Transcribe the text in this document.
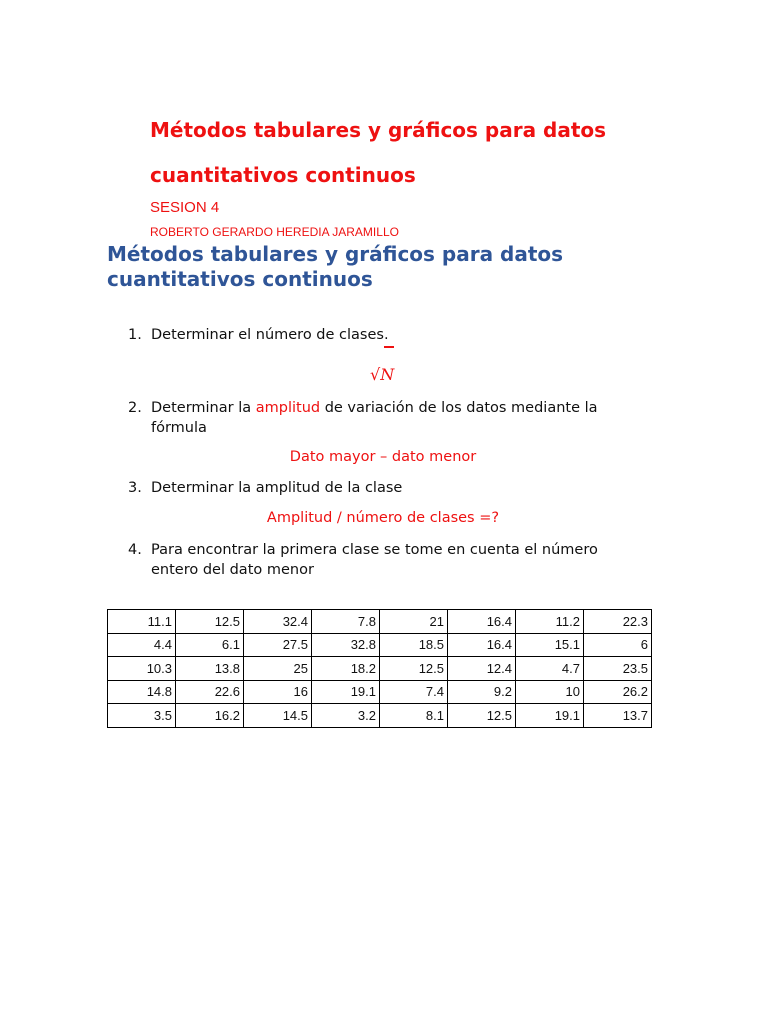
Métodos tabulares y gráficos para datos cuantitativos continuos
SESION 4
ROBERTO GERARDO HEREDIA JARAMILLO
Métodos tabulares y gráficos para datos cuantitativos continuos
1. Determinar el número de clases.
√N
2. Determinar la amplitud de variación de los datos mediante la fórmula
Dato mayor – dato menor
3. Determinar la amplitud de la clase
Amplitud / número de clases =?
4. Para encontrar la primera clase se tome en cuenta el número entero del dato menor
11.1	12.5	32.4	7.8	21	16.4	11.2	22.3
4.4	6.1	27.5	32.8	18.5	16.4	15.1	6
10.3	13.8	25	18.2	12.5	12.4	4.7	23.5
14.8	22.6	16	19.1	7.4	9.2	10	26.2
3.5	16.2	14.5	3.2	8.1	12.5	19.1	13.7
